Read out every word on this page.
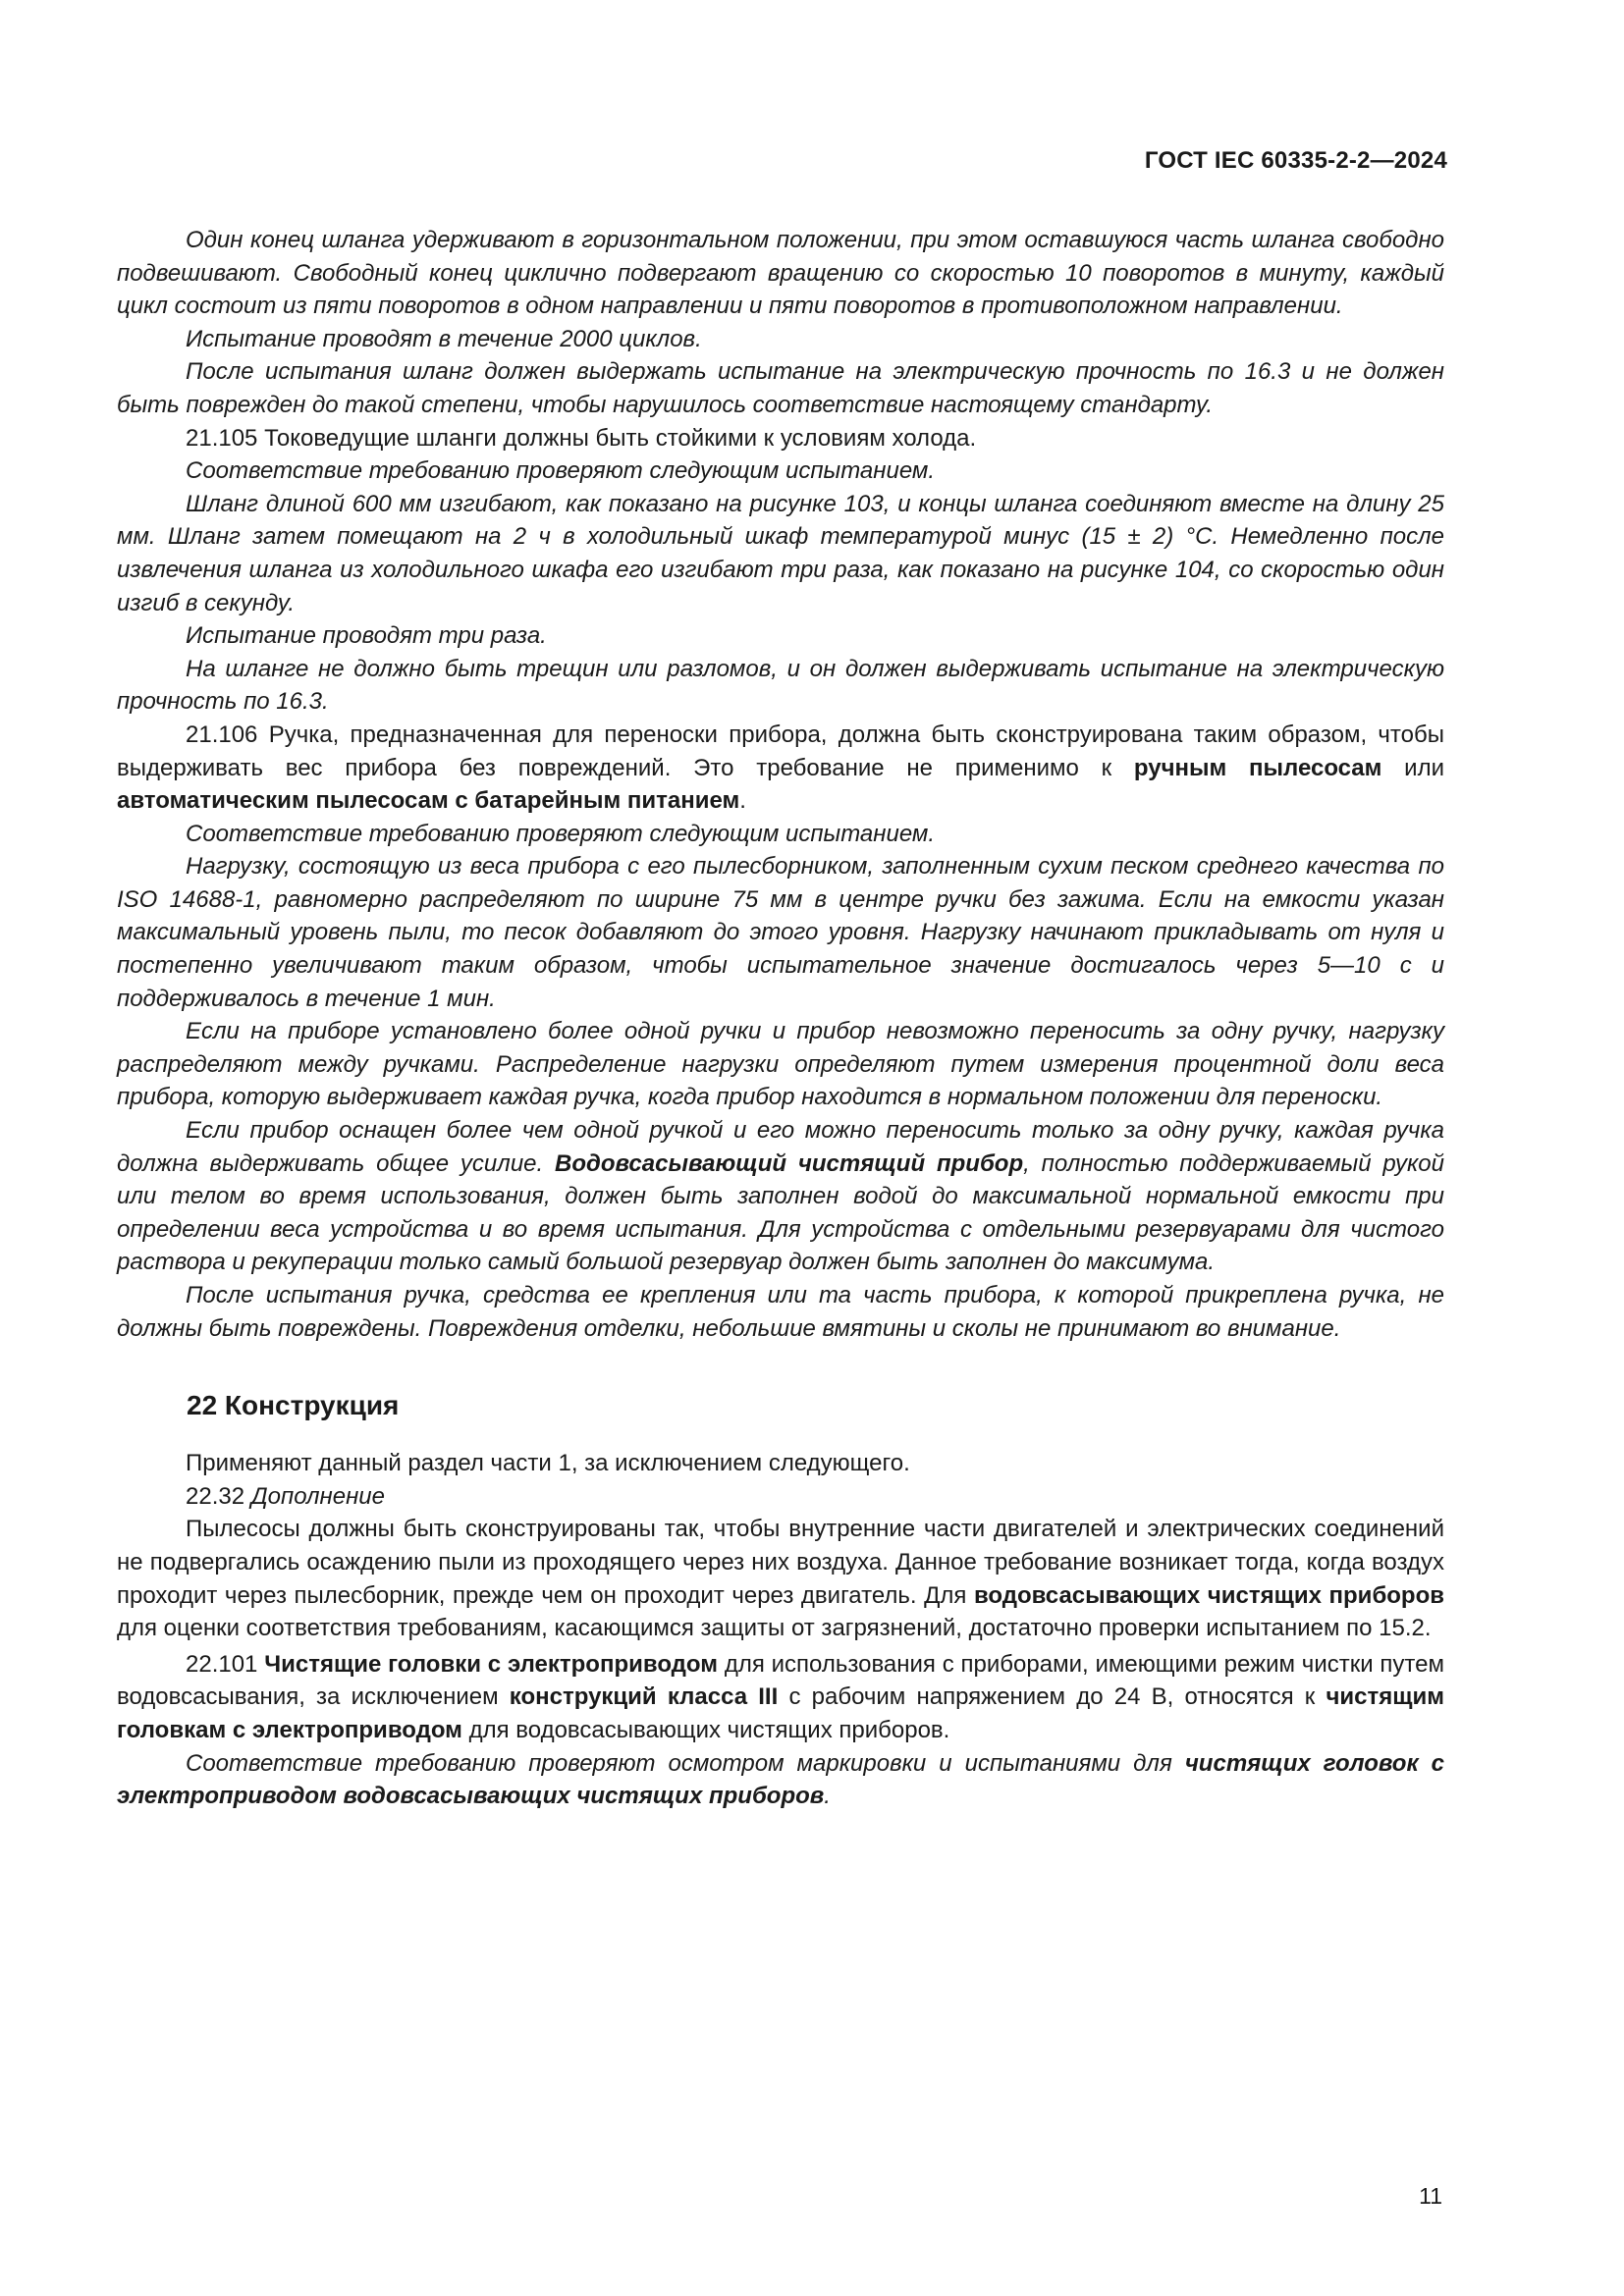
ГОСТ IEC 60335-2-2—2024

Один конец шланга удерживают в горизонтальном положении, при этом оставшуюся часть шланга свободно подвешивают. Свободный конец циклично подвергают вращению со скоростью 10 поворотов в минуту, каждый цикл состоит из пяти поворотов в одном направлении и пяти поворотов в противоположном направлении.

Испытание проводят в течение 2000 циклов.

После испытания шланг должен выдержать испытание на электрическую прочность по 16.3 и не должен быть поврежден до такой степени, чтобы нарушилось соответствие настоящему стандарту.

21.105 Токоведущие шланги должны быть стойкими к условиям холода.

Соответствие требованию проверяют следующим испытанием.

Шланг длиной 600 мм изгибают, как показано на рисунке 103, и концы шланга соединяют вместе на длину 25 мм. Шланг затем помещают на 2 ч в холодильный шкаф температурой минус (15 ± 2) °С. Немедленно после извлечения шланга из холодильного шкафа его изгибают три раза, как показано на рисунке 104, со скоростью один изгиб в секунду.

Испытание проводят три раза.

На шланге не должно быть трещин или разломов, и он должен выдерживать испытание на электрическую прочность по 16.3.

21.106 Ручка, предназначенная для переноски прибора, должна быть сконструирована таким образом, чтобы выдерживать вес прибора без повреждений. Это требование не применимо к ручным пылесосам или автоматическим пылесосам с батарейным питанием.

Соответствие требованию проверяют следующим испытанием.

Нагрузку, состоящую из веса прибора с его пылесборником, заполненным сухим песком среднего качества по ISO 14688-1, равномерно распределяют по ширине 75 мм в центре ручки без зажима. Если на емкости указан максимальный уровень пыли, то песок добавляют до этого уровня. Нагрузку начинают прикладывать от нуля и постепенно увеличивают таким образом, чтобы испытательное значение достигалось через 5—10 с и поддерживалось в течение 1 мин.

Если на приборе установлено более одной ручки и прибор невозможно переносить за одну ручку, нагрузку распределяют между ручками. Распределение нагрузки определяют путем измерения процентной доли веса прибора, которую выдерживает каждая ручка, когда прибор находится в нормальном положении для переноски.

Если прибор оснащен более чем одной ручкой и его можно переносить только за одну ручку, каждая ручка должна выдерживать общее усилие. Водовсасывающий чистящий прибор, полностью поддерживаемый рукой или телом во время использования, должен быть заполнен водой до максимальной нормальной емкости при определении веса устройства и во время испытания. Для устройства с отдельными резервуарами для чистого раствора и рекуперации только самый большой резервуар должен быть заполнен до максимума.

После испытания ручка, средства ее крепления или та часть прибора, к которой прикреплена ручка, не должны быть повреждены. Повреждения отделки, небольшие вмятины и сколы не принимают во внимание.

22 Конструкция

Применяют данный раздел части 1, за исключением следующего.

22.32 Дополнение

Пылесосы должны быть сконструированы так, чтобы внутренние части двигателей и электрических соединений не подвергались осаждению пыли из проходящего через них воздуха. Данное требование возникает тогда, когда воздух проходит через пылесборник, прежде чем он проходит через двигатель. Для водовсасывающих чистящих приборов для оценки соответствия требованиям, касающимся защиты от загрязнений, достаточно проверки испытанием по 15.2.

22.101 Чистящие головки с электроприводом для использования с приборами, имеющими режим чистки путем водовсасывания, за исключением конструкций класса III с рабочим напряжением до 24 В, относятся к чистящим головкам с электроприводом для водовсасывающих чистящих приборов.

Соответствие требованию проверяют осмотром маркировки и испытаниями для чистящих головок с электроприводом водовсасывающих чистящих приборов.

11
